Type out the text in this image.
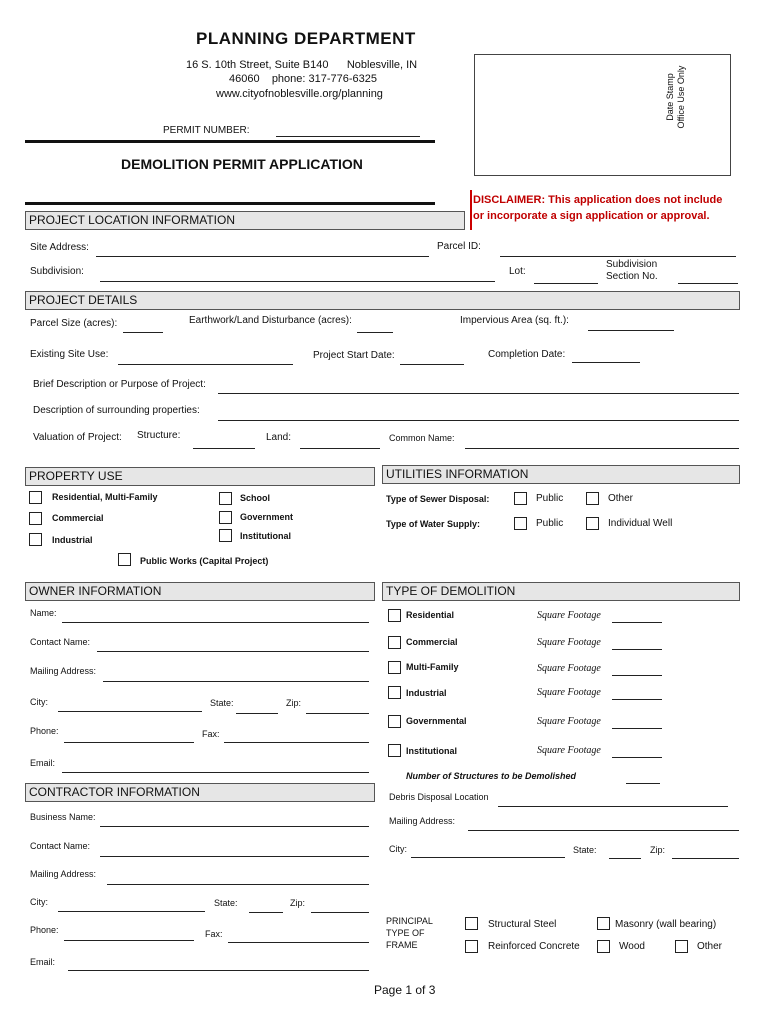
PLANNING DEPARTMENT
16 S. 10th Street, Suite B140      Noblesville, IN
46060    phone: 317-776-6325
www.cityofnoblesville.org/planning
PERMIT NUMBER:
DEMOLITION PERMIT APPLICATION
Date Stamp Office Use Only
DISCLAIMER: This application does not include
or incorporate a sign application or approval.
PROJECT LOCATION INFORMATION
Site Address:	Parcel ID:
Subdivision:	Lot:
Subdivision
Section No.
PROJECT DETAILS
Parcel Size (acres):	Earthwork/Land Disturbance (acres):	Impervious Area (sq. ft.):
Existing Site Use:	Project Start Date:	Completion Date:
Brief Description or Purpose of Project:
Description of surrounding properties:
Valuation of Project: Structure:	Land:	Common Name:
PROPERTY USE
Residential, Multi-Family
Commercial
Industrial
School
Government
Institutional
Public Works (Capital Project)
UTILITIES INFORMATION
Type of Sewer Disposal:	Public	Other
Type of Water Supply:	Public	Individual Well
OWNER INFORMATION
Name:
Contact Name:
Mailing Address:
City:	State:	Zip:
Phone:	Fax:
Email:
TYPE OF DEMOLITION
Residential	Square Footage
Commercial	Square Footage
Multi-Family	Square Footage
Industrial	Square Footage
Governmental	Square Footage
Institutional	Square Footage
Number of Structures to be Demolished
Debris Disposal Location
Mailing Address:
City:	State:	Zip:
CONTRACTOR INFORMATION
Business Name:
Contact Name:
Mailing Address:
City:	State:	Zip:
Phone:	Fax:
Email:
PRINCIPAL
TYPE OF
FRAME
Structural Steel	Masonry (wall bearing)
Reinforced Concrete	Wood	Other
Page 1 of 3
